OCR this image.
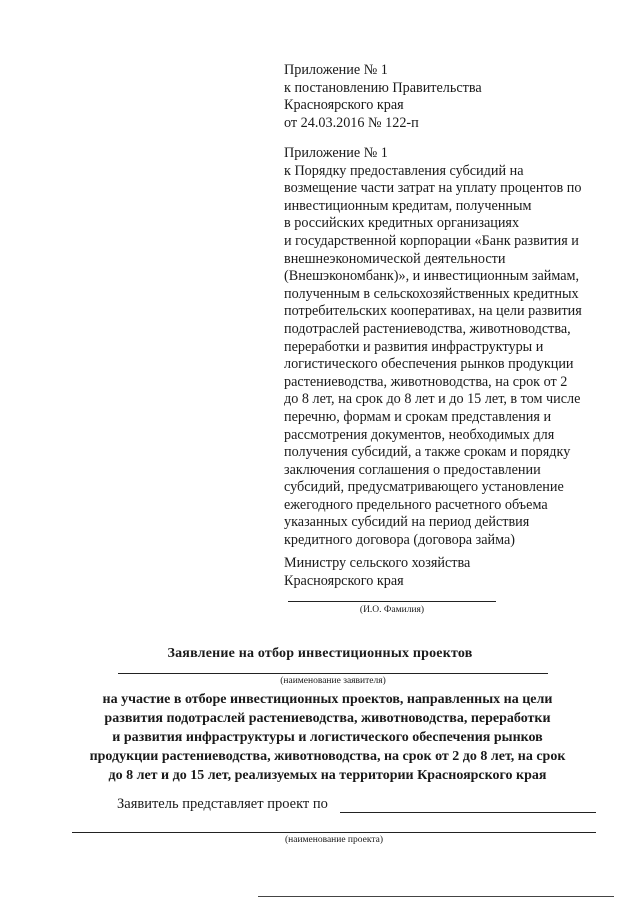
Приложение № 1
к постановлению Правительства
Красноярского края
от 24.03.2016 № 122-п
Приложение № 1
к Порядку предоставления субсидий на
возмещение части затрат на уплату процентов по
инвестиционным кредитам, полученным
в российских кредитных организациях
и государственной корпорации «Банк развития и
внешнеэкономической деятельности
(Внешэкономбанк)», и инвестиционным займам,
полученным в сельскохозяйственных кредитных
потребительских кооперативах, на цели развития
подотраслей растениеводства, животноводства,
переработки и развития инфраструктуры и
логистического обеспечения рынков продукции
растениеводства, животноводства, на срок от 2
до 8 лет, на срок до 8 лет и до 15 лет, в том числе
перечню, формам и срокам представления и
рассмотрения документов, необходимых для
получения субсидий, а также срокам и порядку
заключения соглашения о предоставлении
субсидий, предусматривающего установление
ежегодного предельного расчетного объема
указанных субсидий на период действия
кредитного договора (договора займа)
Министру сельского хозяйства
Красноярского края
(И.О. Фамилия)
Заявление на отбор инвестиционных проектов
(наименование заявителя)
на участие в отборе инвестиционных проектов, направленных на цели
развития подотраслей растениеводства, животноводства, переработки
и развития инфраструктуры и логистического обеспечения рынков
продукции растениеводства, животноводства, на срок от 2 до 8 лет, на срок
до 8 лет и до 15 лет, реализуемых на территории Красноярского края
Заявитель представляет проект по
(наименование проекта)
